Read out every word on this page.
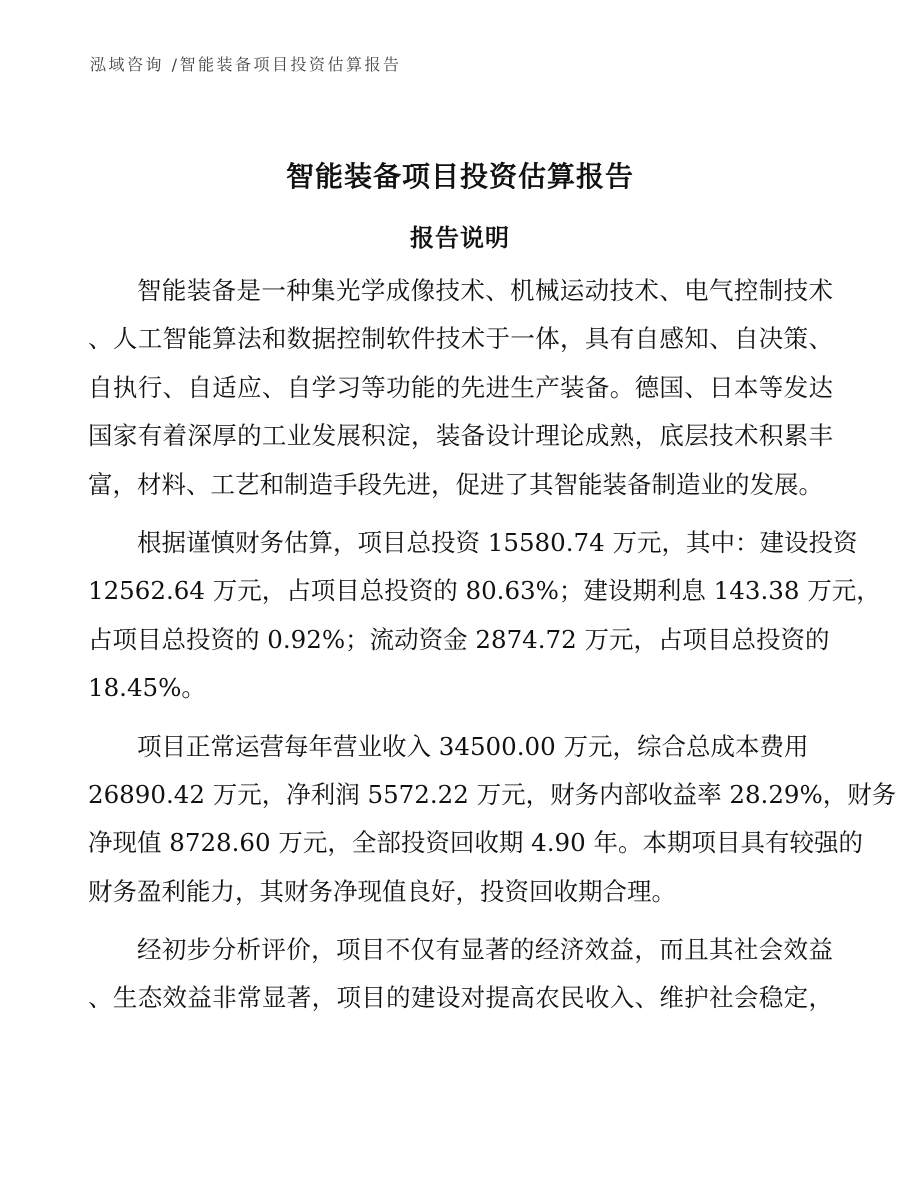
泓域咨询 /智能装备项目投资估算报告
智能装备项目投资估算报告
报告说明
智能装备是一种集光学成像技术、机械运动技术、电气控制技术
、人工智能算法和数据控制软件技术于一体，具有自感知、自决策、
自执行、自适应、自学习等功能的先进生产装备。德国、日本等发达
国家有着深厚的工业发展积淀，装备设计理论成熟，底层技术积累丰
富，材料、工艺和制造手段先进，促进了其智能装备制造业的发展。
根据谨慎财务估算，项目总投资 15580.74 万元，其中：建设投资
12562.64 万元，占项目总投资的 80.63%；建设期利息 143.38 万元，
占项目总投资的 0.92%；流动资金 2874.72 万元，占项目总投资的
18.45%。
项目正常运营每年营业收入 34500.00 万元，综合总成本费用
26890.42 万元，净利润 5572.22 万元，财务内部收益率 28.29%，财务
净现值 8728.60 万元，全部投资回收期 4.90 年。本期项目具有较强的
财务盈利能力，其财务净现值良好，投资回收期合理。
经初步分析评价，项目不仅有显著的经济效益，而且其社会效益
、生态效益非常显著，项目的建设对提高农民收入、维护社会稳定，
